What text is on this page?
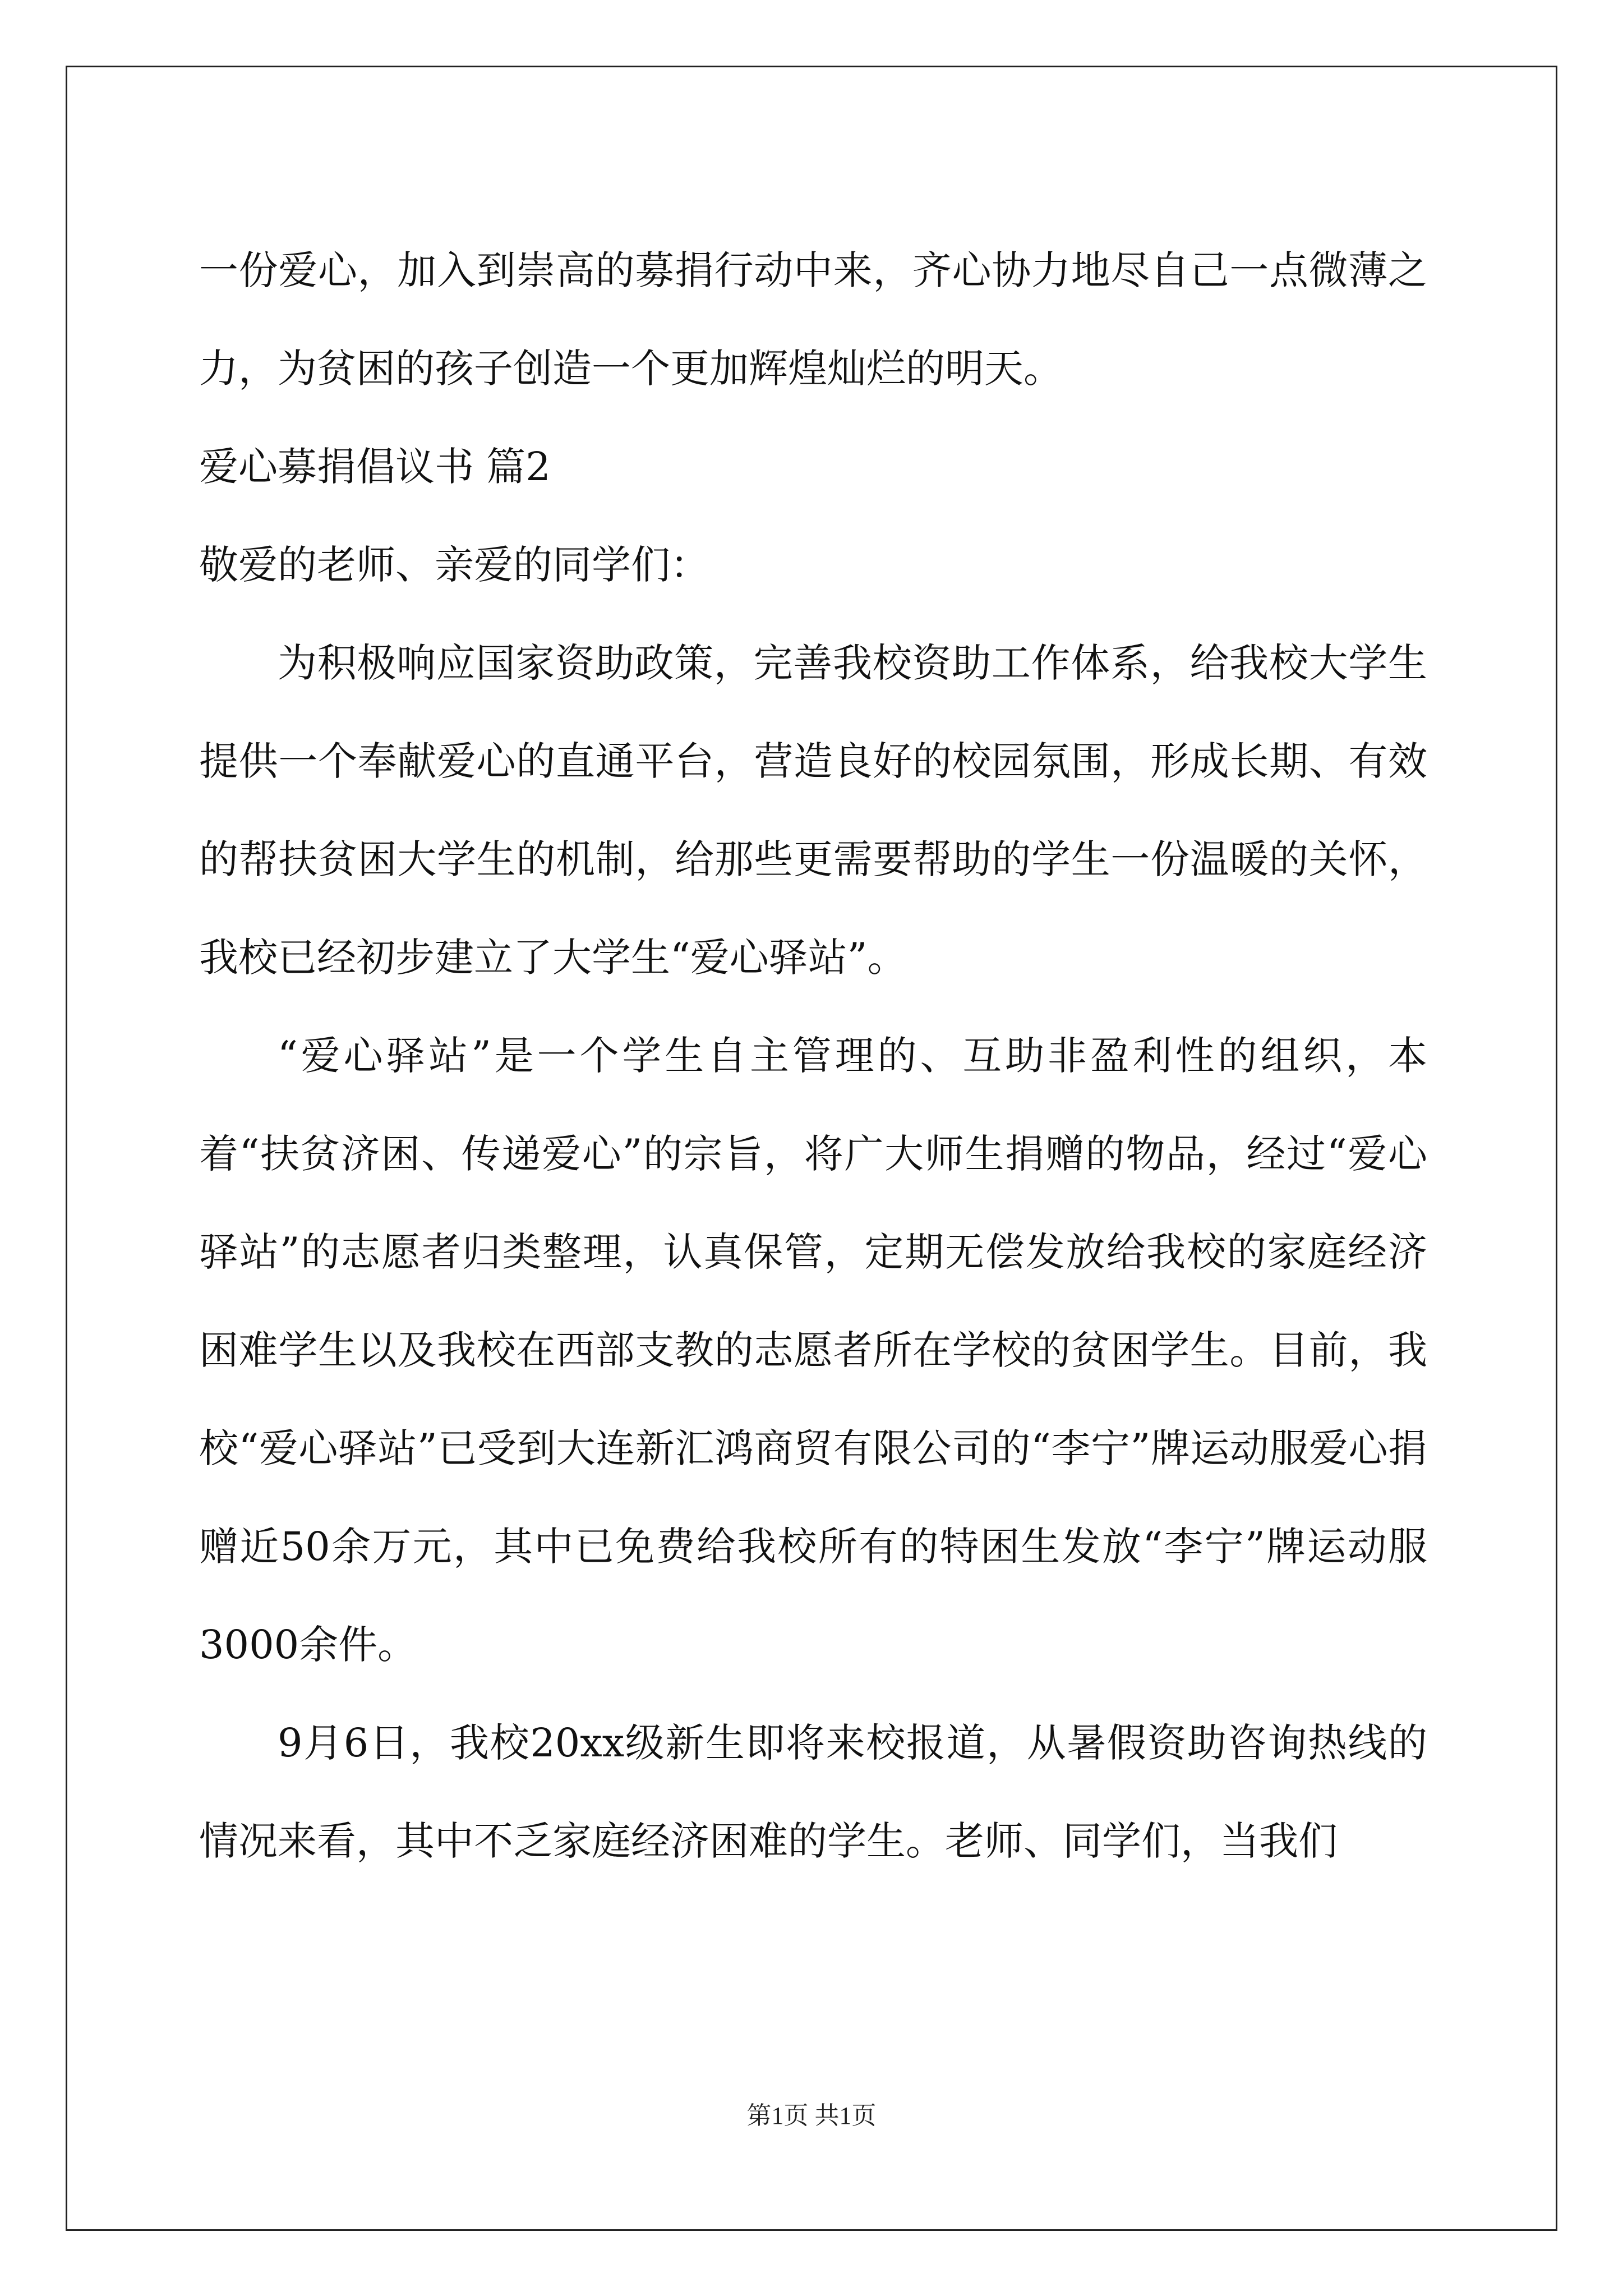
一份爱心，加入到崇高的募捐行动中来，齐心协力地尽自己一点微薄之力，为贫困的孩子创造一个更加辉煌灿烂的明天。

爱心募捐倡议书 篇2

敬爱的老师、亲爱的同学们：

为积极响应国家资助政策，完善我校资助工作体系，给我校大学生提供一个奉献爱心的直通平台，营造良好的校园氛围，形成长期、有效的帮扶贫困大学生的机制，给那些更需要帮助的学生一份温暖的关怀，我校已经初步建立了大学生“爱心驿站”。

“爱心驿站”是一个学生自主管理的、互助非盈利性的组织，本着“扶贫济困、传递爱心”的宗旨，将广大师生捐赠的物品，经过“爱心驿站”的志愿者归类整理，认真保管，定期无偿发放给我校的家庭经济困难学生以及我校在西部支教的志愿者所在学校的贫困学生。目前，我校“爱心驿站”已受到大连新汇鸿商贸有限公司的“李宁”牌运动服爱心捐赠近50余万元，其中已免费给我校所有的特困生发放“李宁”牌运动服3000余件。

9月6日，我校20xx级新生即将来校报道，从暑假资助咨询热线的情况来看，其中不乏家庭经济困难的学生。老师、同学们，当我们

第1页 共1页
